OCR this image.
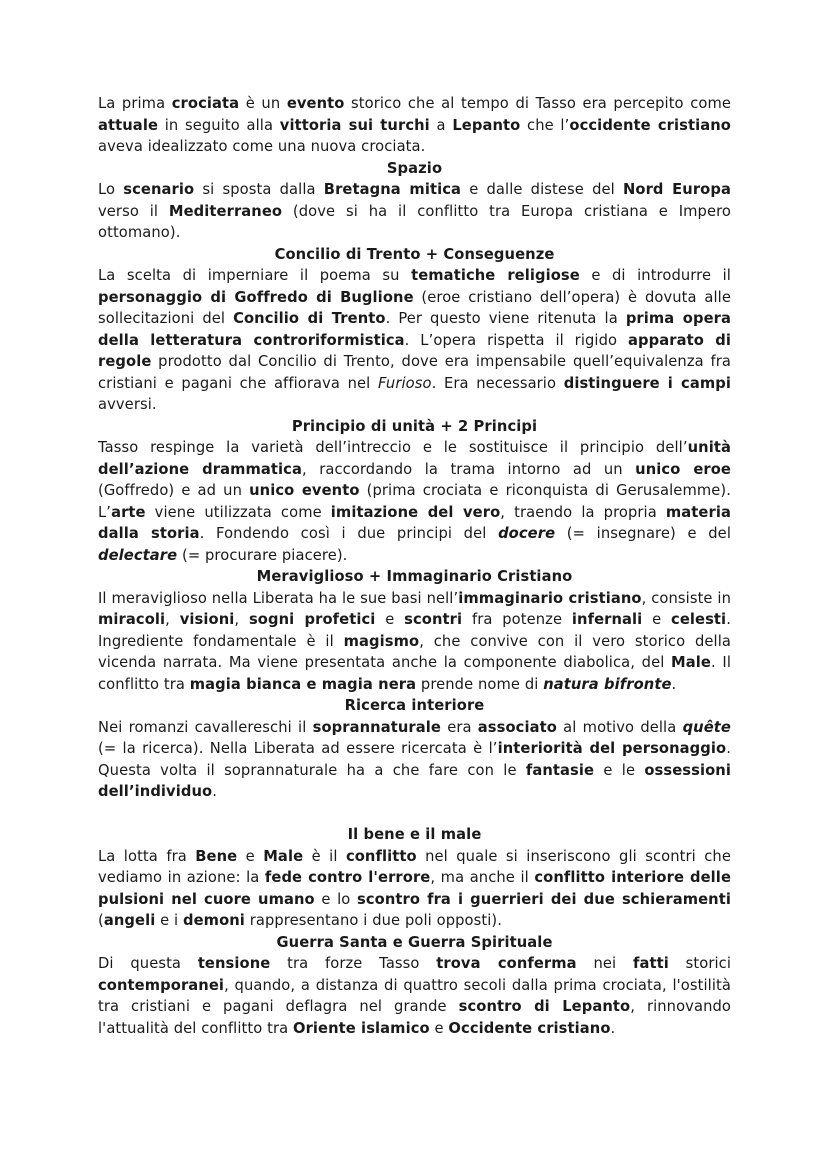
La prima crociata è un evento storico che al tempo di Tasso era percepito come attuale in seguito alla vittoria sui turchi a Lepanto che l’occidente cristiano aveva idealizzato come una nuova crociata.

Spazio

Lo scenario si sposta dalla Bretagna mitica e dalle distese del Nord Europa verso il Mediterraneo (dove si ha il conflitto tra Europa cristiana e Impero ottomano).

Concilio di Trento + Conseguenze

La scelta di imperniare il poema su tematiche religiose e di introdurre il personaggio di Goffredo di Buglione (eroe cristiano dell’opera) è dovuta alle sollecitazioni del Concilio di Trento. Per questo viene ritenuta la prima opera della letteratura controriformistica. L’opera rispetta il rigido apparato di regole prodotto dal Concilio di Trento, dove era impensabile quell’equivalenza fra cristiani e pagani che affiorava nel Furioso. Era necessario distinguere i campi avversi.

Principio di unità + 2 Principi

Tasso respinge la varietà dell’intreccio e le sostituisce il principio dell’unità dell’azione drammatica, raccordando la trama intorno ad un unico eroe (Goffredo) e ad un unico evento (prima crociata e riconquista di Gerusalemme). L’arte viene utilizzata come imitazione del vero, traendo la propria materia dalla storia. Fondendo così i due principi del docere (= insegnare) e del delectare (= procurare piacere).

Meraviglioso + Immaginario Cristiano

Il meraviglioso nella Liberata ha le sue basi nell’immaginario cristiano, consiste in miracoli, visioni, sogni profetici e scontri fra potenze infernali e celesti. Ingrediente fondamentale è il magismo, che convive con il vero storico della vicenda narrata. Ma viene presentata anche la componente diabolica, del Male. Il conflitto tra magia bianca e magia nera prende nome di natura bifronte.

Ricerca interiore

Nei romanzi cavallereschi il soprannaturale era associato al motivo della quête (= la ricerca). Nella Liberata ad essere ricercata è l’interiorità del personaggio. Questa volta il soprannaturale ha a che fare con le fantasie e le ossessioni dell’individuo.

Il bene e il male

La lotta fra Bene e Male è il conflitto nel quale si inseriscono gli scontri che vediamo in azione: la fede contro l'errore, ma anche il conflitto interiore delle pulsioni nel cuore umano e lo scontro fra i guerrieri dei due schieramenti (angeli e i demoni rappresentano i due poli opposti).

Guerra Santa e Guerra Spirituale

Di questa tensione tra forze Tasso trova conferma nei fatti storici contemporanei, quando, a distanza di quattro secoli dalla prima crociata, l'ostilità tra cristiani e pagani deflagra nel grande scontro di Lepanto, rinnovando l'attualità del conflitto tra Oriente islamico e Occidente cristiano.
